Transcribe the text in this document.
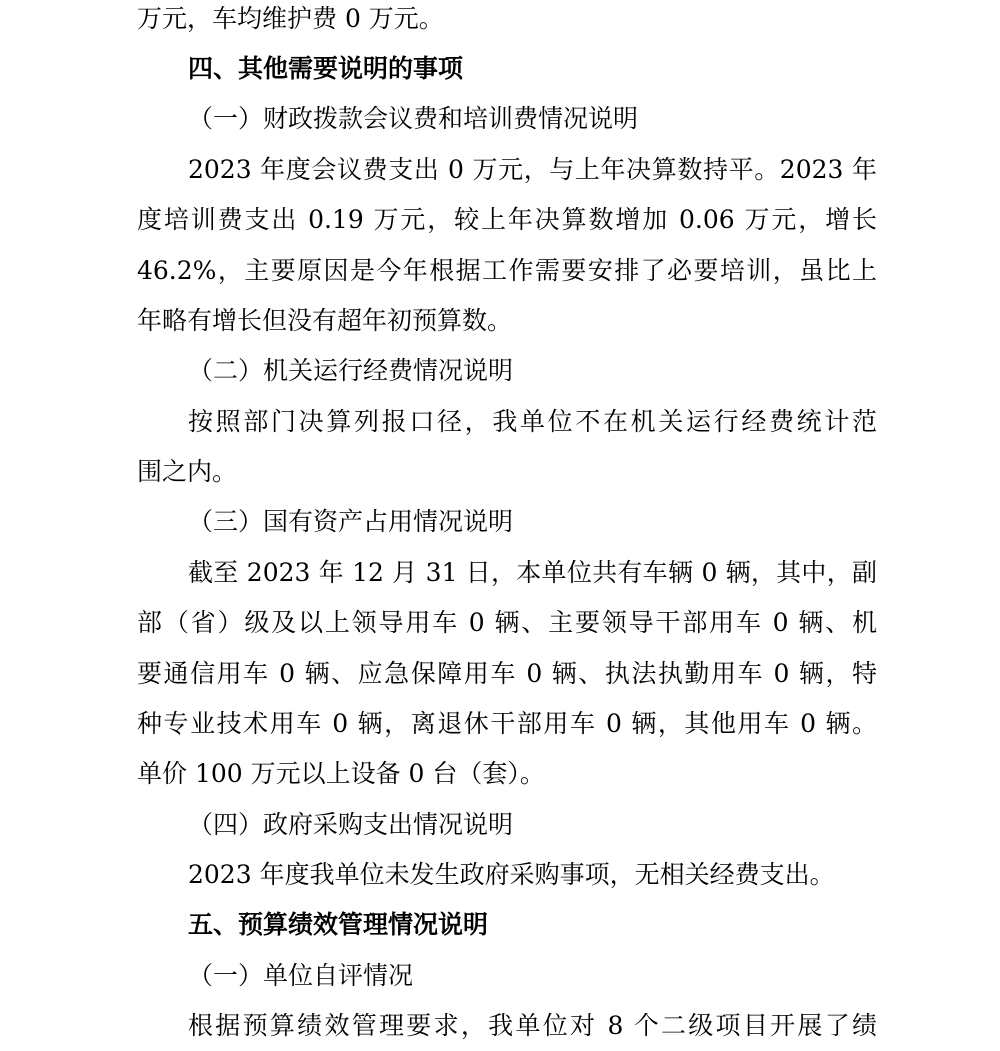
万元，车均维护费 0 万元。
四、其他需要说明的事项
（一）财政拨款会议费和培训费情况说明
2023 年度会议费支出 0 万元，与上年决算数持平。2023 年
度培训费支出 0.19 万元，较上年决算数增加 0.06 万元，增长
46.2%，主要原因是今年根据工作需要安排了必要培训，虽比上
年略有增长但没有超年初预算数。
（二）机关运行经费情况说明
按照部门决算列报口径，我单位不在机关运行经费统计范
围之内。
（三）国有资产占用情况说明
截至 2023 年 12 月 31 日，本单位共有车辆 0 辆，其中，副
部（省）级及以上领导用车 0 辆、主要领导干部用车 0 辆、机
要通信用车 0 辆、应急保障用车 0 辆、执法执勤用车 0 辆，特
种专业技术用车 0 辆，离退休干部用车 0 辆，其他用车 0 辆。
单价 100 万元以上设备 0 台（套）。
（四）政府采购支出情况说明
2023 年度我单位未发生政府采购事项，无相关经费支出。
五、预算绩效管理情况说明
（一）单位自评情况
根据预算绩效管理要求，我单位对 8 个二级项目开展了绩
